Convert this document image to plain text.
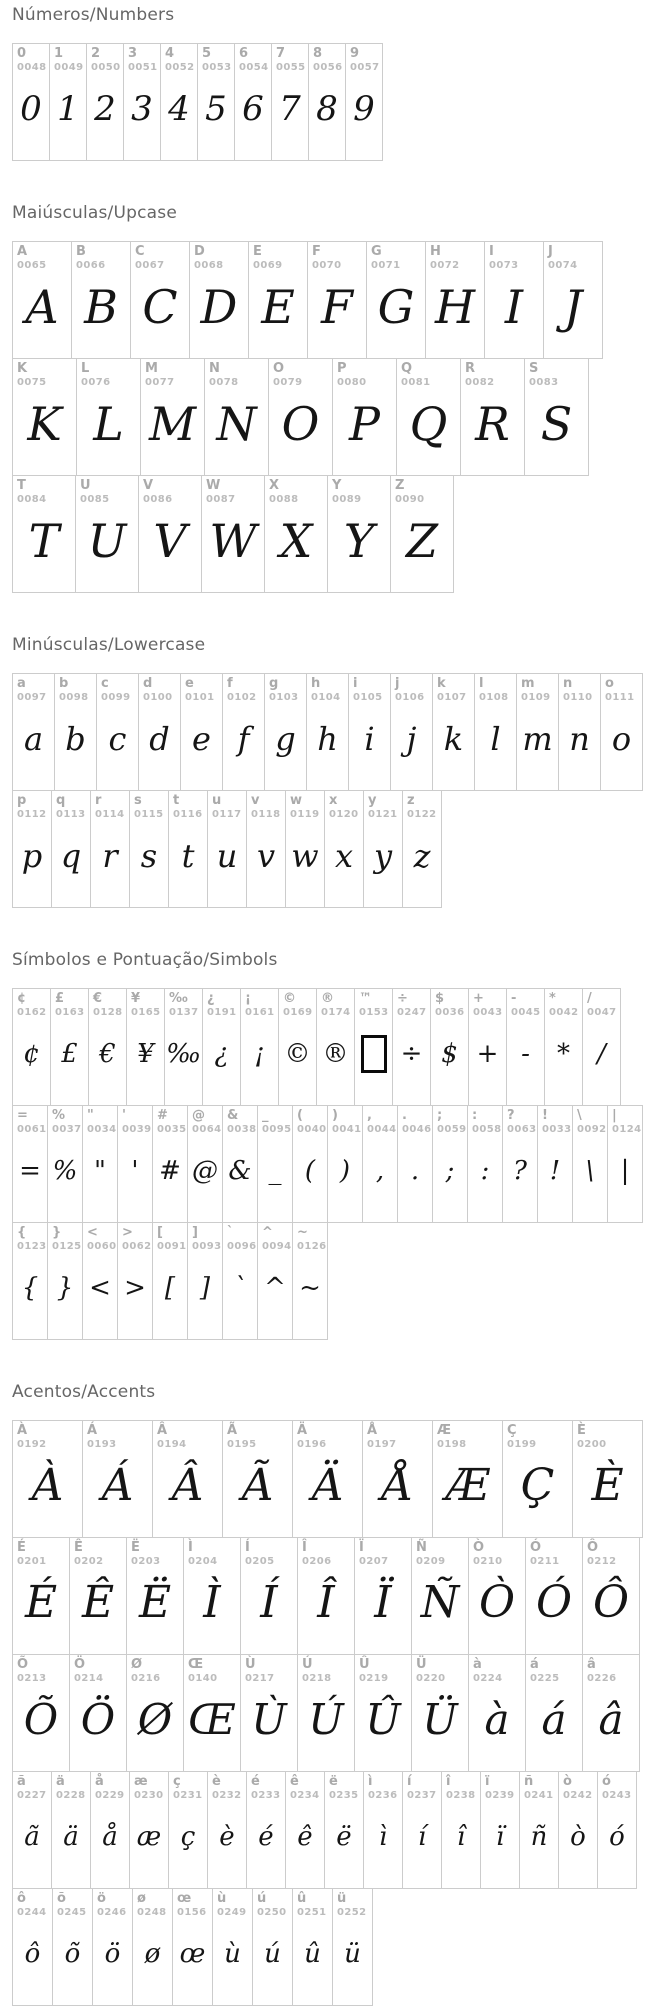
Números/Numbers
0
0048
0
1
0049
1
2
0050
2
3
0051
3
4
0052
4
5
0053
5
6
0054
6
7
0055
7
8
0056
8
9
0057
9
Maiúsculas/Upcase
A
0065
A
B
0066
B
C
0067
C
D
0068
D
E
0069
E
F
0070
F
G
0071
G
H
0072
H
I
0073
I
J
0074
J
K
0075
K
L
0076
L
M
0077
M
N
0078
N
O
0079
O
P
0080
P
Q
0081
Q
R
0082
R
S
0083
S
T
0084
T
U
0085
U
V
0086
V
W
0087
W
X
0088
X
Y
0089
Y
Z
0090
Z
Minúsculas/Lowercase
a
0097
a
b
0098
b
c
0099
c
d
0100
d
e
0101
e
f
0102
f
g
0103
g
h
0104
h
i
0105
i
j
0106
j
k
0107
k
l
0108
l
m
0109
m
n
0110
n
o
0111
o
p
0112
p
q
0113
q
r
0114
r
s
0115
s
t
0116
t
u
0117
u
v
0118
v
w
0119
w
x
0120
x
y
0121
y
z
0122
z
Símbolos e Pontuação/Simbols
¢
0162
¢
£
0163
£
€
0128
€
¥
0165
¥
‰
0137
‰
¿
0191
¿
¡
0161
¡
©
0169
©
®
0174
®
™
0153
÷
0247
÷
$
0036
$
+
0043
+
-
0045
-
*
0042
*
/
0047
/
=
0061
=
%
0037
%
"
0034
"
'
0039
'
#
0035
#
@
0064
@
&
0038
&
_
0095
_
(
0040
(
)
0041
)
,
0044
,
.
0046
.
;
0059
;
:
0058
:
?
0063
?
!
0033
!
\
0092
\
|
0124
|
{
0123
{
}
0125
}
<
0060
<
>
0062
>
[
0091
[
]
0093
]
`
0096
`
^
0094
^
~
0126
~
Acentos/Accents
À
0192
À
Á
0193
Á
Â
0194
Â
Ã
0195
Ã
Ä
0196
Ä
Å
0197
Å
Æ
0198
Æ
Ç
0199
Ç
È
0200
È
É
0201
É
Ê
0202
Ê
Ë
0203
Ë
Ì
0204
Ì
Í
0205
Í
Î
0206
Î
Ï
0207
Ï
Ñ
0209
Ñ
Ò
0210
Ò
Ó
0211
Ó
Ô
0212
Ô
Õ
0213
Õ
Ö
0214
Ö
Ø
0216
Ø
Œ
0140
Œ
Ù
0217
Ù
Ú
0218
Ú
Û
0219
Û
Ü
0220
Ü
à
0224
à
á
0225
á
â
0226
â
ã
0227
ã
ä
0228
ä
å
0229
å
æ
0230
æ
ç
0231
ç
è
0232
è
é
0233
é
ê
0234
ê
ë
0235
ë
ì
0236
ì
í
0237
í
î
0238
î
ï
0239
ï
ñ
0241
ñ
ò
0242
ò
ó
0243
ó
ô
0244
ô
õ
0245
õ
ö
0246
ö
ø
0248
ø
œ
0156
œ
ù
0249
ù
ú
0250
ú
û
0251
û
ü
0252
ü
